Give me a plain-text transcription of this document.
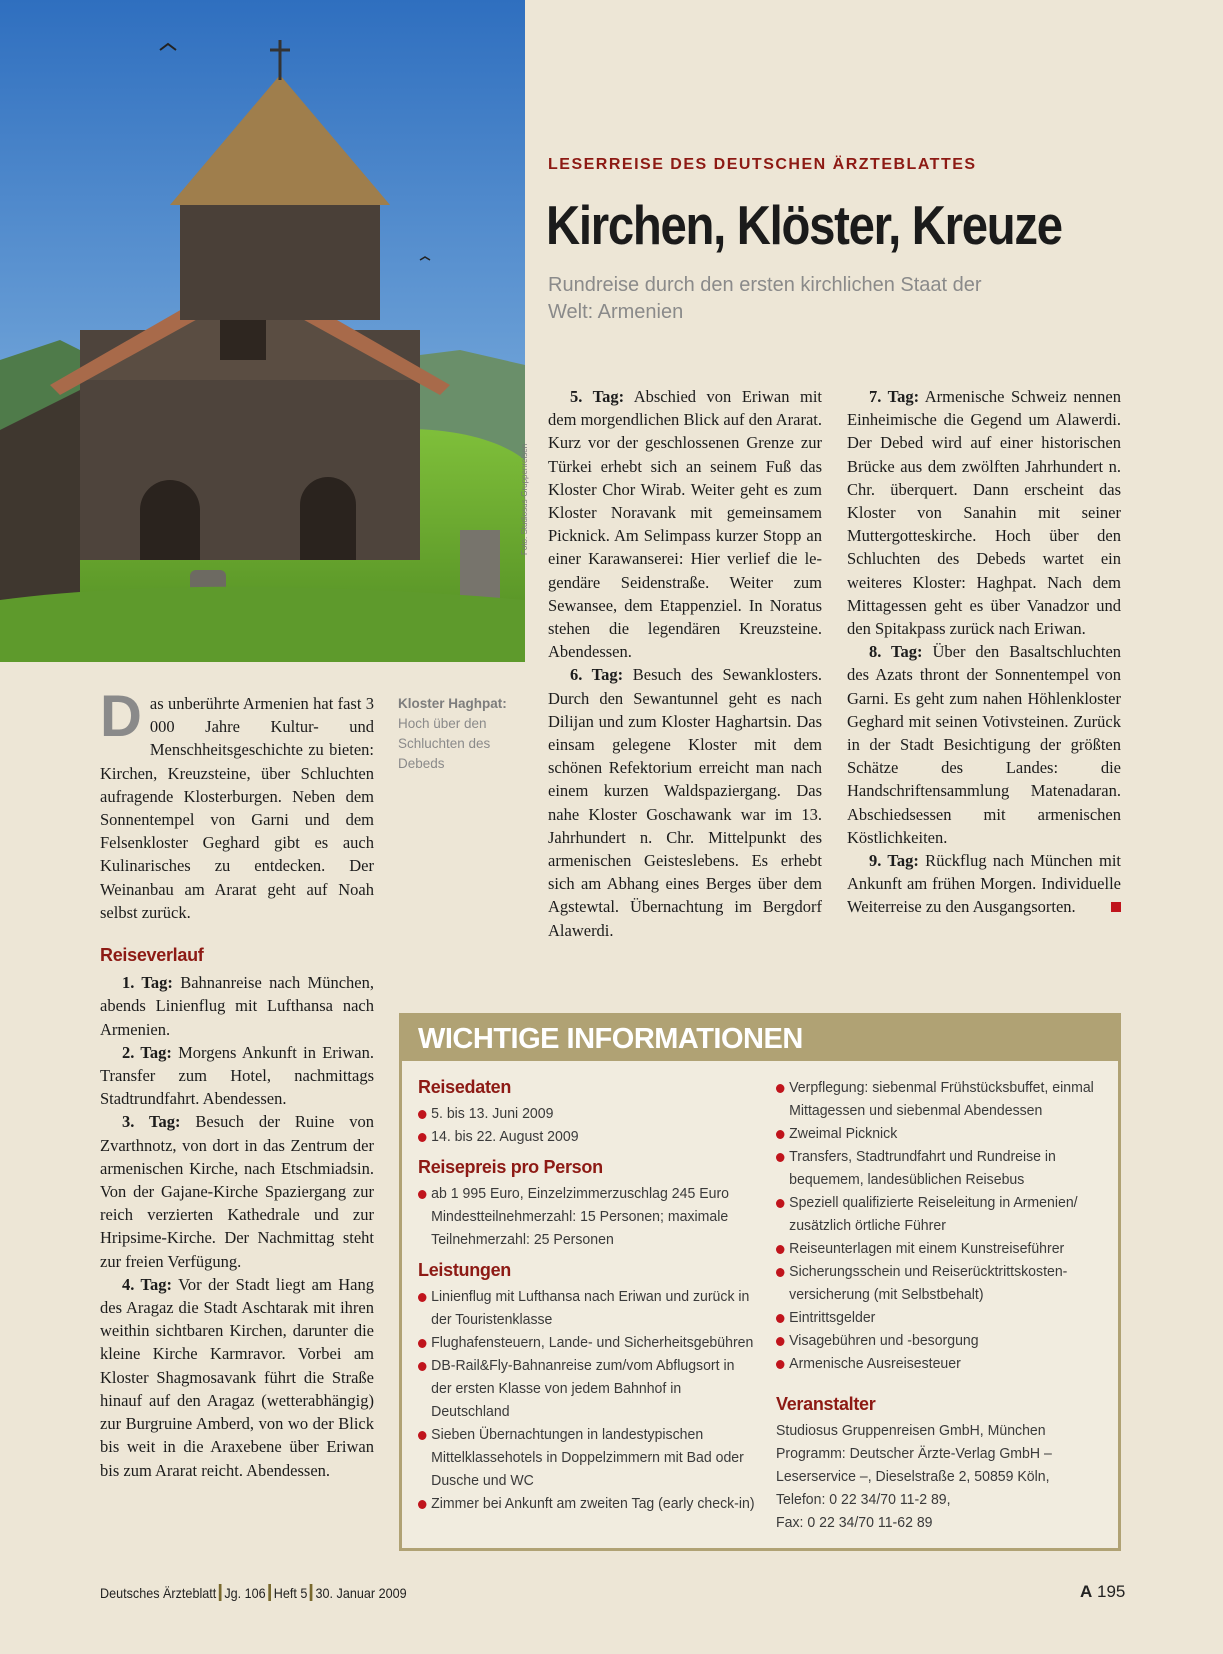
Foto: Studiosus-Gruppenreisen
LESERREISE DES DEUTSCHEN ÄRZTEBLATTES
Kirchen, Klöster, Kreuze
Rundreise durch den ersten kirchlichen Staat der Welt: Armenien
Kloster Haghpat:
Hoch über den Schluchten des Debeds

Das unberührte Armenien hat fast 3 000 Jahre Kultur- und Menschheitsgeschichte zu bieten: Kirchen, Kreuzsteine, über Schluchten aufragende Klosterburgen. Neben dem Sonnentempel von Garni und dem Felsenkloster Geghard gibt es auch Kulinarisches zu entdecken. Der Weinanbau am Ararat geht auf Noah selbst zurück.

Reiseverlauf

1. Tag: Bahnanreise nach München, abends Linienflug mit Lufthansa nach Armenien.

2. Tag: Morgens Ankunft in Eriwan. Transfer zum Hotel, nachmittags Stadtrundfahrt. Abendessen.

3. Tag: Besuch der Ruine von Zvarthnotz, von dort in das Zentrum der armenischen Kirche, nach Etschmiadsin. Von der Gajane-Kirche Spaziergang zur reich verzierten Kathedrale und zur Hripsime-Kirche. Der Nachmittag steht zur freien Verfügung.

4. Tag: Vor der Stadt liegt am Hang des Aragaz die Stadt Aschtarak mit ihren weithin sichtbaren Kirchen, darunter die kleine Kirche Karmravor. Vorbei am Kloster Shagmosavank führt die Straße hinauf auf den Aragaz (wetterabhängig) zur Burgruine Amberd, von wo der Blick bis weit in die Araxebene über Eriwan bis zum Ararat reicht. Abendessen.

5. Tag: Abschied von Eriwan mit dem morgendlichen Blick auf den Ararat. Kurz vor der geschlossenen Grenze zur Türkei erhebt sich an seinem Fuß das Kloster Chor Wirab. Weiter geht es zum Kloster Noravank mit gemeinsamem Picknick. Am Selimpass kurzer Stopp an einer Karawanserei: Hier verlief die legendäre Seidenstraße. Weiter zum Sewansee, dem Etappenziel. In Noratus stehen die legendären Kreuzsteine. Abendessen.

6. Tag: Besuch des Sewanklosters. Durch den Sewantunnel geht es nach Dilijan und zum Kloster Haghartsin. Das einsam gelegene Kloster mit dem schönen Refektorium erreicht man nach einem kurzen Waldspaziergang. Das nahe Kloster Goschawank war im 13. Jahrhundert n. Chr. Mittelpunkt des armenischen Geisteslebens. Es erhebt sich am Abhang eines Berges über dem Agstewtal. Übernachtung im Bergdorf Alawerdi.

7. Tag: Armenische Schweiz nennen Einheimische die Gegend um Alawerdi. Der Debed wird auf einer historischen Brücke aus dem zwölften Jahrhundert n. Chr. überquert. Dann erscheint das Kloster von Sanahin mit seiner Muttergotteskirche. Hoch über den Schluchten des Debeds wartet ein weiteres Kloster: Haghpat. Nach dem Mittagessen geht es über Vanadzor und den Spitakpass zurück nach Eriwan.

8. Tag: Über den Basaltschluchten des Azats thront der Sonnentempel von Garni. Es geht zum nahen Höhlenkloster Geghard mit seinen Votivsteinen. Zurück in der Stadt Besichtigung der größten Schätze des Landes: die Handschriftensammlung Matenadaran. Abschiedsessen mit armenischen Köstlichkeiten.

9. Tag: Rückflug nach München mit Ankunft am frühen Morgen. Individuelle Weiterreise zu den Ausgangsorten.

WICHTIGE INFORMATIONEN
Reisedaten
5. bis 13. Juni 2009
14. bis 22. August 2009
Reisepreis pro Person
ab 1 995 Euro, Einzelzimmerzuschlag 245 Euro Mindestteilnehmerzahl: 15 Personen; maximale Teilnehmerzahl: 25 Personen
Leistungen
Linienflug mit Lufthansa nach Eriwan und zurück in der Touristenklasse
Flughafensteuern, Lande- und Sicherheitsgebühren
DB-Rail&Fly-Bahnanreise zum/vom Abflugsort in der ersten Klasse von jedem Bahnhof in Deutschland
Sieben Übernachtungen in landestypischen Mittelklassehotels in Doppelzimmern mit Bad oder Dusche und WC
Zimmer bei Ankunft am zweiten Tag (early check-in)
Verpflegung: siebenmal Frühstücksbuffet, einmal Mittagessen und siebenmal Abendessen
Zweimal Picknick
Transfers, Stadtrundfahrt und Rundreise in bequemem, landesüblichen Reisebus
Speziell qualifizierte Reiseleitung in Armenien/ zusätzlich örtliche Führer
Reiseunterlagen mit einem Kunstreiseführer
Sicherungsschein und Reiserücktrittskostenversicherung (mit Selbstbehalt)
Eintrittsgelder
Visagebühren und -besorgung
Armenische Ausreisesteuer
Veranstalter
Studiosus Gruppenreisen GmbH, München
Programm: Deutscher Ärzte-Verlag GmbH –
Leserservice –, Dieselstraße 2, 50859 Köln,
Telefon: 0 22 34/70 11-2 89,
Fax: 0 22 34/70 11-62 89
Deutsches Ärzteblatt Jg. 106 Heft 5 30. Januar 2009	A 195
